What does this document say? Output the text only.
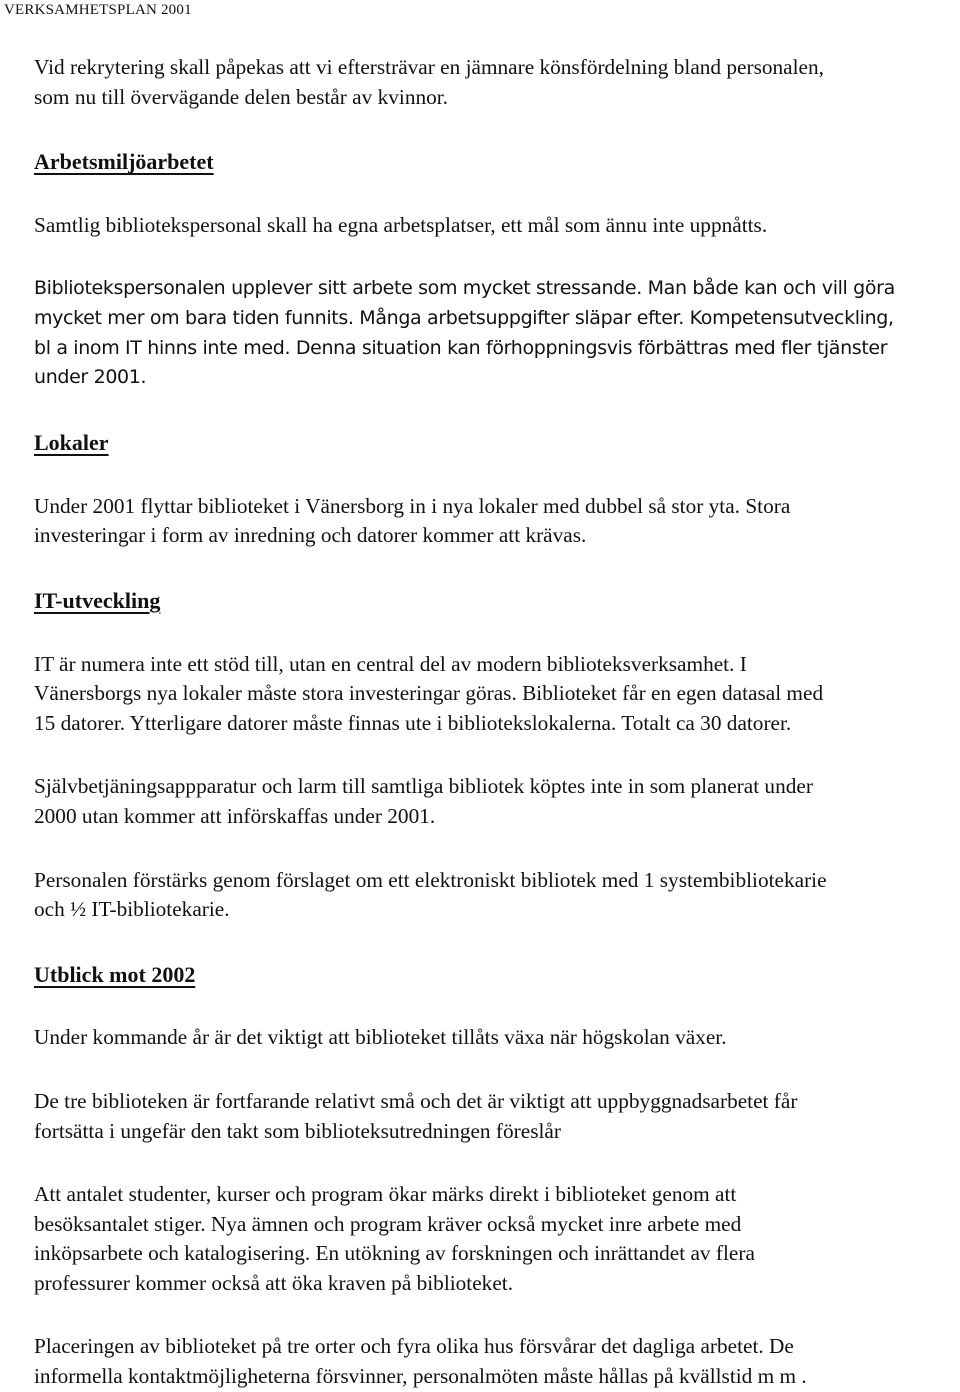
VERKSAMHETSPLAN 2001

Vid rekrytering skall påpekas att vi eftersträvar en jämnare könsfördelning bland personalen,
som nu till övervägande delen består av kvinnor.

Arbetsmiljöarbetet

Samtlig bibliotekspersonal skall ha egna arbetsplatser, ett mål som ännu inte uppnåtts.

Bibliotekspersonalen upplever sitt arbete som mycket stressande. Man både kan och vill göra
mycket mer om bara tiden funnits. Många arbetsuppgifter släpar efter. Kompetensutveckling,
bl a inom IT hinns inte med. Denna situation kan förhoppningsvis förbättras med fler tjänster
under 2001.

Lokaler

Under 2001 flyttar biblioteket i Vänersborg in i nya lokaler med dubbel så stor yta. Stora
investeringar i form av inredning och datorer kommer att krävas.

IT-utveckling

IT är numera inte ett stöd till, utan en central del av modern biblioteksverksamhet. I
Vänersborgs nya lokaler måste stora investeringar göras. Biblioteket får en egen datasal med
15 datorer. Ytterligare datorer måste finnas ute i bibliotekslokalerna. Totalt ca 30 datorer.

Självbetjäningsappparatur och larm till samtliga bibliotek köptes inte in som planerat under
2000 utan kommer att införskaffas under 2001.

Personalen förstärks genom förslaget om ett elektroniskt bibliotek med 1 systembibliotekarie
och ½ IT-bibliotekarie.

Utblick mot 2002

Under kommande år är det viktigt att biblioteket tillåts växa när högskolan växer.

De tre biblioteken är fortfarande relativt små och det är viktigt att uppbyggnadsarbetet får
fortsätta i ungefär den takt som biblioteksutredningen föreslår

Att antalet studenter, kurser och program ökar märks direkt i biblioteket genom att
besöksantalet stiger. Nya ämnen och program kräver också mycket inre arbete med
inköpsarbete och katalogisering. En utökning av forskningen och inrättandet av flera
professurer kommer också att öka kraven på biblioteket.

Placeringen av biblioteket på tre orter och fyra olika hus försvårar det dagliga arbetet. De
informella kontaktmöjligheterna försvinner, personalmöten måste hållas på kvällstid m m .
